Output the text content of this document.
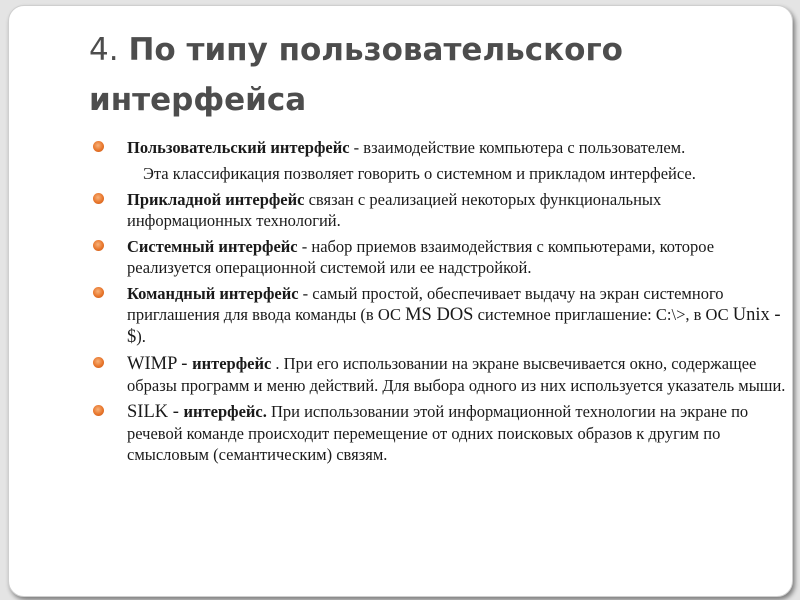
4. По типу пользовательского интерфейса
Пользовательский интерфейс - взаимодействие компьютера с пользователем.
Эта классификация позволяет говорить о системном и прикладом интерфейсе.
Прикладной интерфейс связан с реализацией некоторых функциональных информационных технологий.
Системный интерфейс - набор приемов взаимодействия с компьютерами, которое реализуется операционной системой или ее надстройкой.
Командный интерфейс - самый простой, обеспечивает выдачу на экран системного приглашения для ввода команды (в ОС MS DOS системное приглашение: C:\>, в ОС Unix - $).
WIMP - интерфейс . При его использовании на экране высвечивается окно, содержащее образы программ и меню действий. Для выбора одного из них используется указатель мыши.
SILK - интерфейс. При использовании этой информационной технологии на экране по речевой команде происходит перемещение от одних поисковых образов к другим по смысловым (семантическим) связям.
